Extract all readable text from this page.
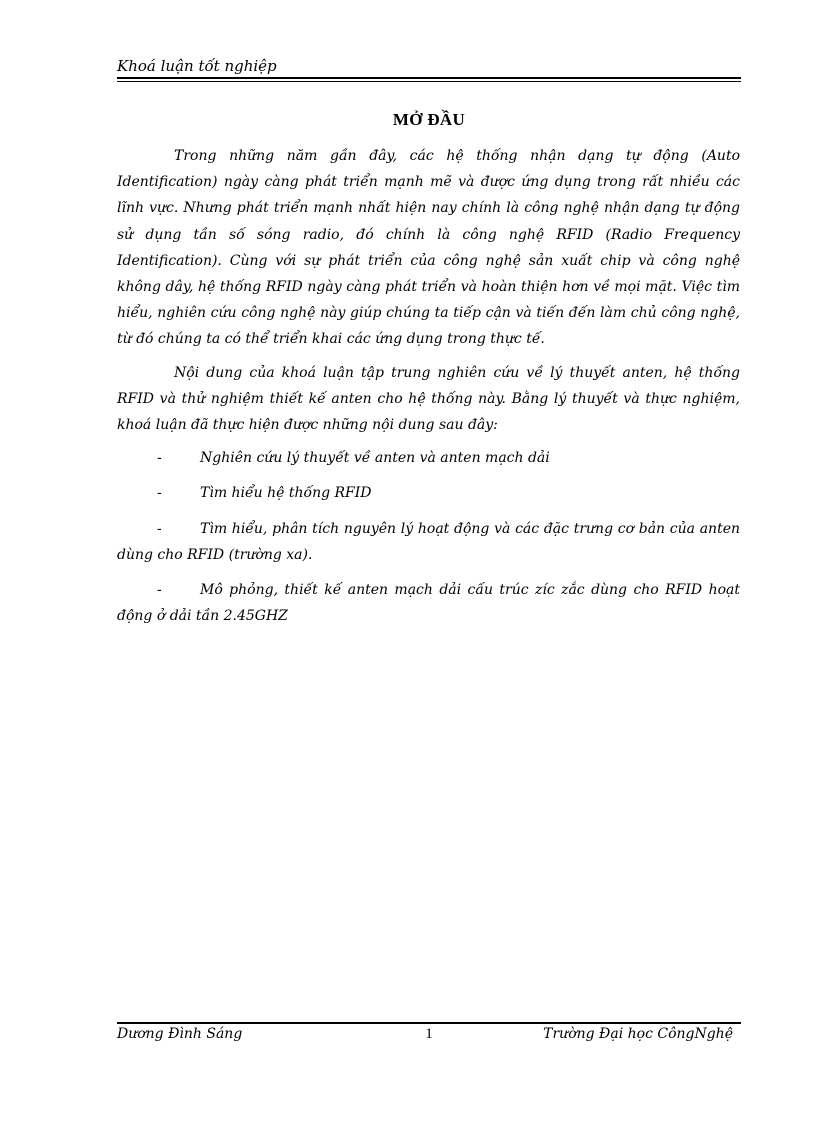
Khoá luận tốt nghiệp
MỞ ĐẦU

Trong những năm gần đây, các hệ thống nhận dạng tự động (Auto Identification) ngày càng phát triển mạnh mẽ và được ứng dụng trong rất nhiều các lĩnh vực. Nhưng phát triển mạnh nhất hiện nay chính là công nghệ nhận dạng tự động sử dụng tần số sóng radio, đó chính là công nghệ RFID (Radio Frequency Identification). Cùng với sự phát triển của công nghệ sản xuất chip và công nghệ không dây, hệ thống RFID ngày càng phát triển và hoàn thiện hơn về mọi mặt. Việc tìm hiểu, nghiên cứu công nghệ này giúp chúng ta tiếp cận và tiến đến làm chủ công nghệ, từ đó chúng ta có thể triển khai các ứng dụng trong thực tế.

Nội dung của khoá luận tập trung nghiên cứu về lý thuyết anten, hệ thống RFID và thử nghiệm thiết kế anten cho hệ thống này. Bằng lý thuyết và thực nghiệm, khoá luận đã thực hiện được những nội dung sau đây:

-	Nghiên cứu lý thuyết về anten và anten mạch dải
-	Tìm hiểu hệ thống RFID
-	Tìm hiểu, phân tích nguyên lý hoạt động và các đặc trưng cơ bản của anten dùng cho RFID (trường xa).
-	Mô phỏng, thiết kế anten mạch dải cấu trúc zíc zắc dùng cho RFID hoạt động ở dải tần 2.45GHZ
Dương Đình Sáng	1	Trường Đại học CôngNghệ
